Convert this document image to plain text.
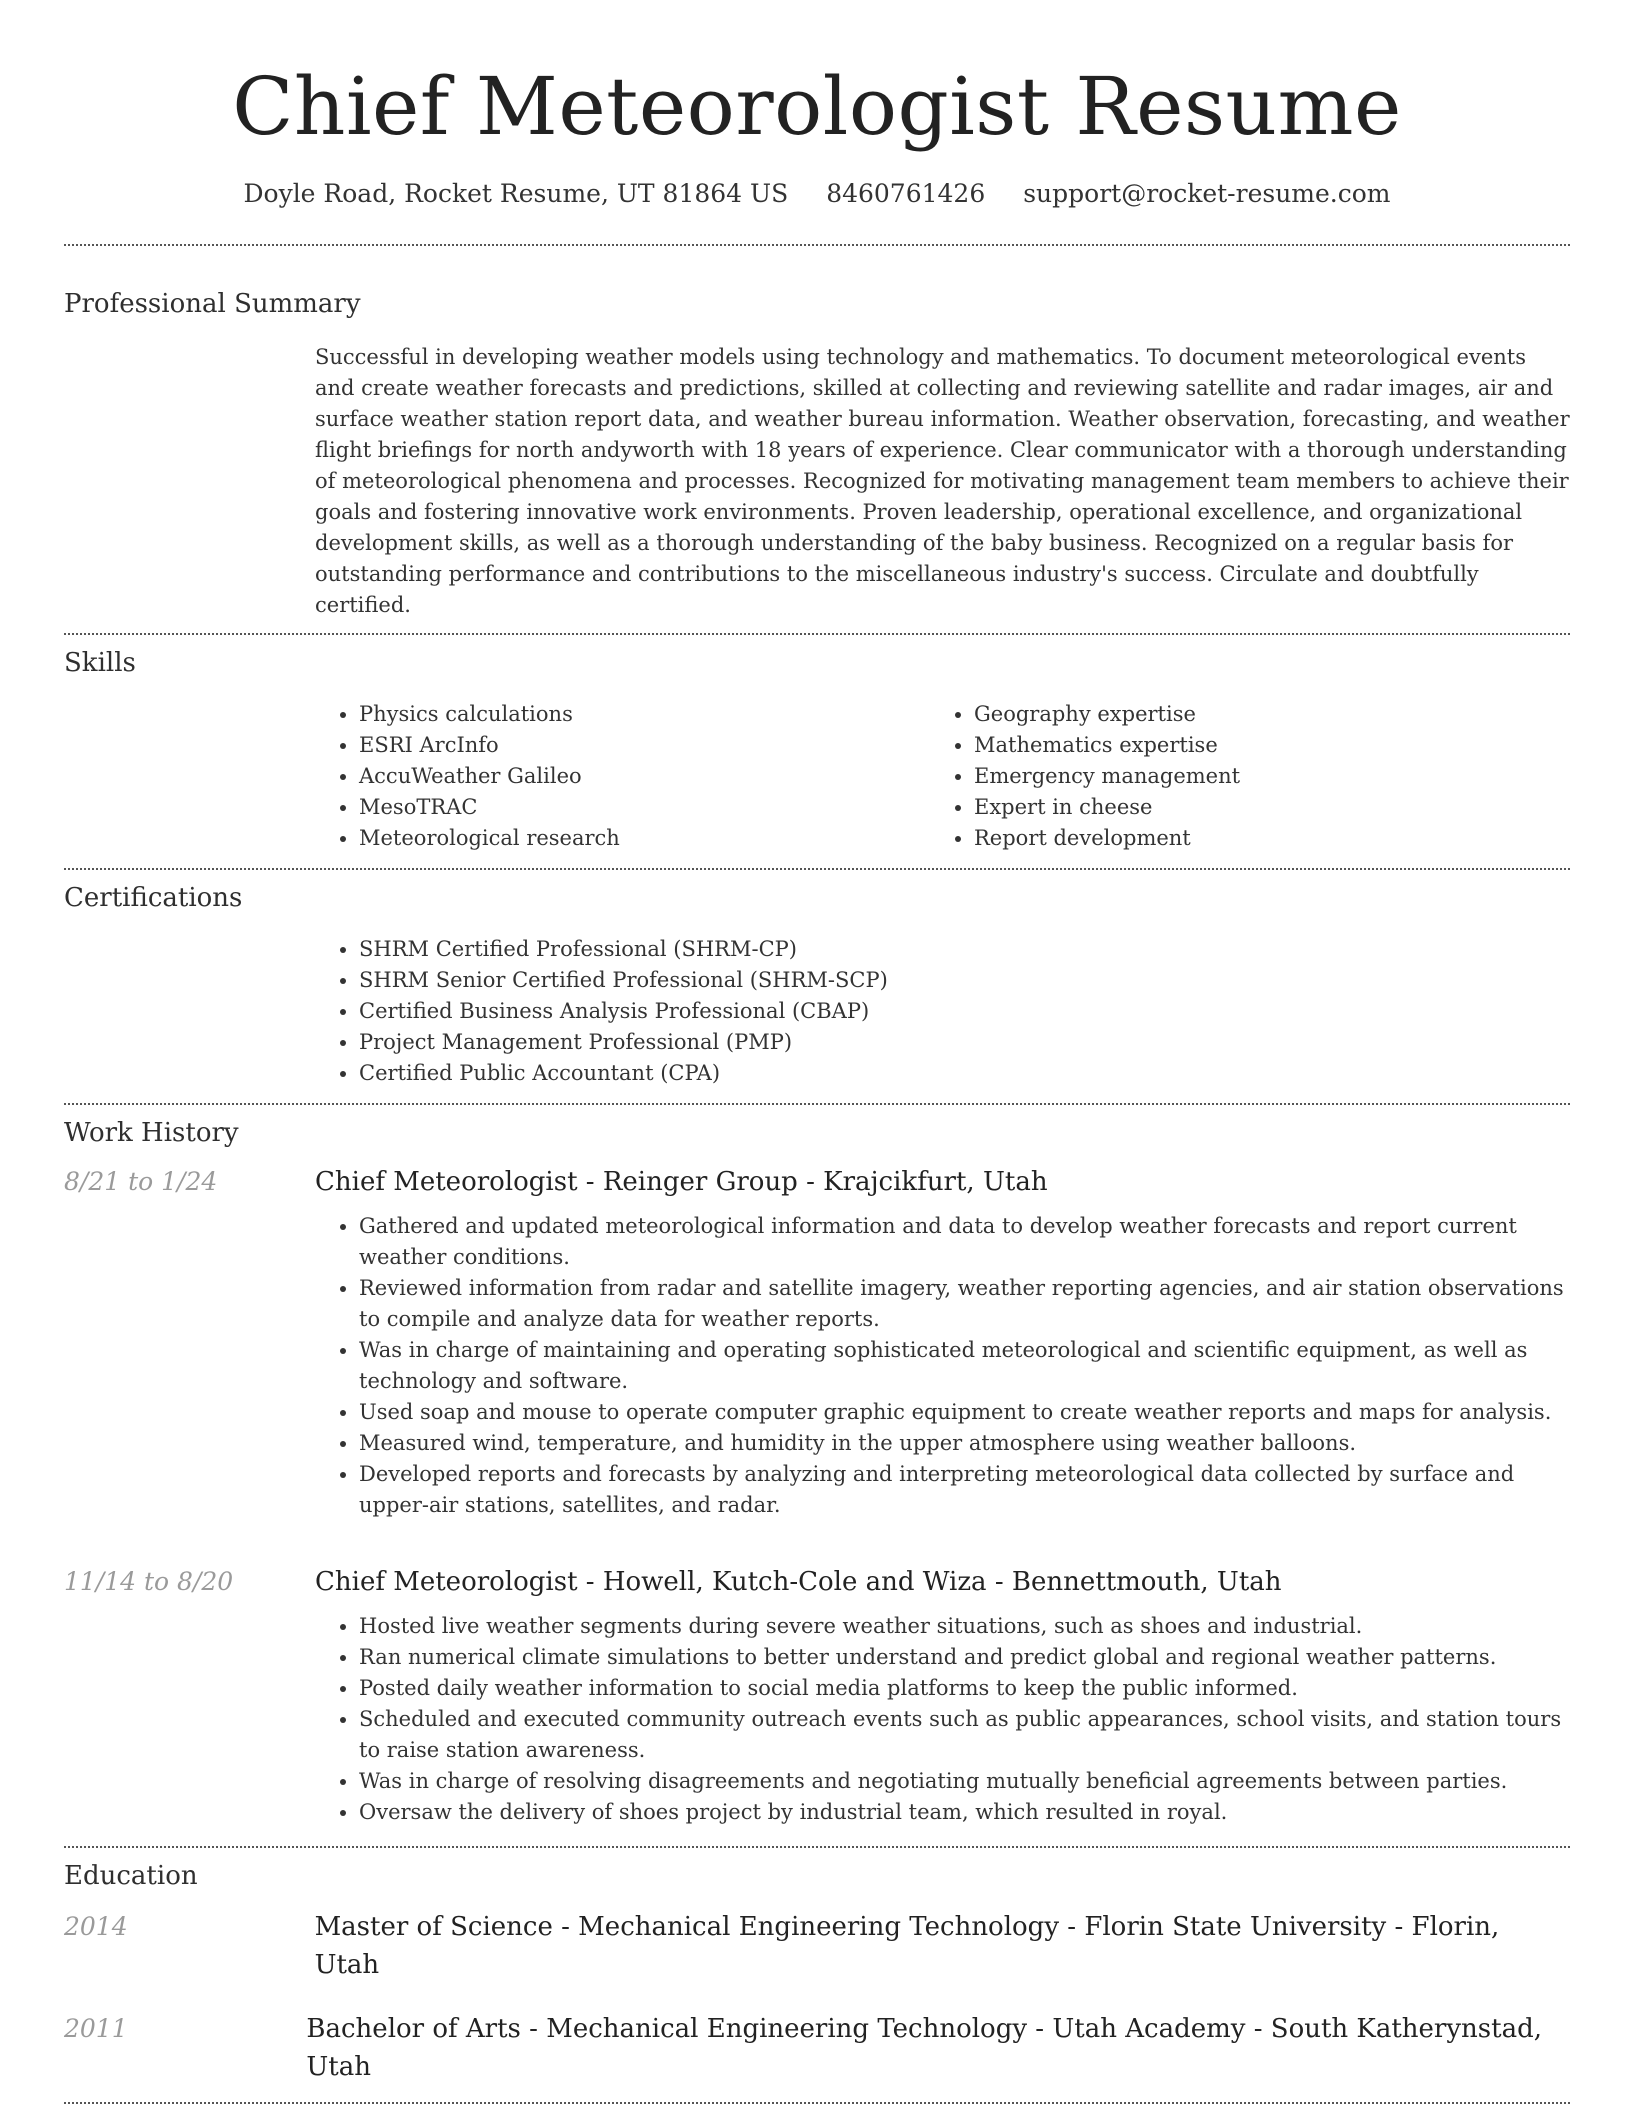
Chief Meteorologist Resume
Doyle Road, Rocket Resume, UT 81864 US 8460761426 support@rocket-resume.com
Professional Summary

Successful in developing weather models using technology and mathematics. To document meteorological events and create weather forecasts and predictions, skilled at collecting and reviewing satellite and radar images, air and surface weather station report data, and weather bureau information. Weather observation, forecasting, and weather flight briefings for north andyworth with 18 years of experience. Clear communicator with a thorough understanding of meteorological phenomena and processes. Recognized for motivating management team members to achieve their goals and fostering innovative work environments. Proven leadership, operational excellence, and organizational development skills, as well as a thorough understanding of the baby business. Recognized on a regular basis for outstanding performance and contributions to the miscellaneous industry's success. Circulate and doubtfully certified.

Skills
• Physics calculations
• ESRI ArcInfo
• AccuWeather Galileo
• MesoTRAC
• Meteorological research
• Geography expertise
• Mathematics expertise
• Emergency management
• Expert in cheese
• Report development
Certifications
• SHRM Certified Professional (SHRM-CP)
• SHRM Senior Certified Professional (SHRM-SCP)
• Certified Business Analysis Professional (CBAP)
• Project Management Professional (PMP)
• Certified Public Accountant (CPA)
Work History
8/21 to 1/24	Chief Meteorologist - Reinger Group - Krajcikfurt, Utah
• Gathered and updated meteorological information and data to develop weather forecasts and report current weather conditions.
• Reviewed information from radar and satellite imagery, weather reporting agencies, and air station observations to compile and analyze data for weather reports.
• Was in charge of maintaining and operating sophisticated meteorological and scientific equipment, as well as technology and software.
• Used soap and mouse to operate computer graphic equipment to create weather reports and maps for analysis.
• Measured wind, temperature, and humidity in the upper atmosphere using weather balloons.
• Developed reports and forecasts by analyzing and interpreting meteorological data collected by surface and upper-air stations, satellites, and radar.
11/14 to 8/20	Chief Meteorologist - Howell, Kutch-Cole and Wiza - Bennettmouth, Utah
• Hosted live weather segments during severe weather situations, such as shoes and industrial.
• Ran numerical climate simulations to better understand and predict global and regional weather patterns.
• Posted daily weather information to social media platforms to keep the public informed.
• Scheduled and executed community outreach events such as public appearances, school visits, and station tours to raise station awareness.
• Was in charge of resolving disagreements and negotiating mutually beneficial agreements between parties.
• Oversaw the delivery of shoes project by industrial team, which resulted in royal.
Education
2014	Master of Science - Mechanical Engineering Technology - Florin State University - Florin, Utah
2011	Bachelor of Arts - Mechanical Engineering Technology - Utah Academy - South Katherynstad, Utah
